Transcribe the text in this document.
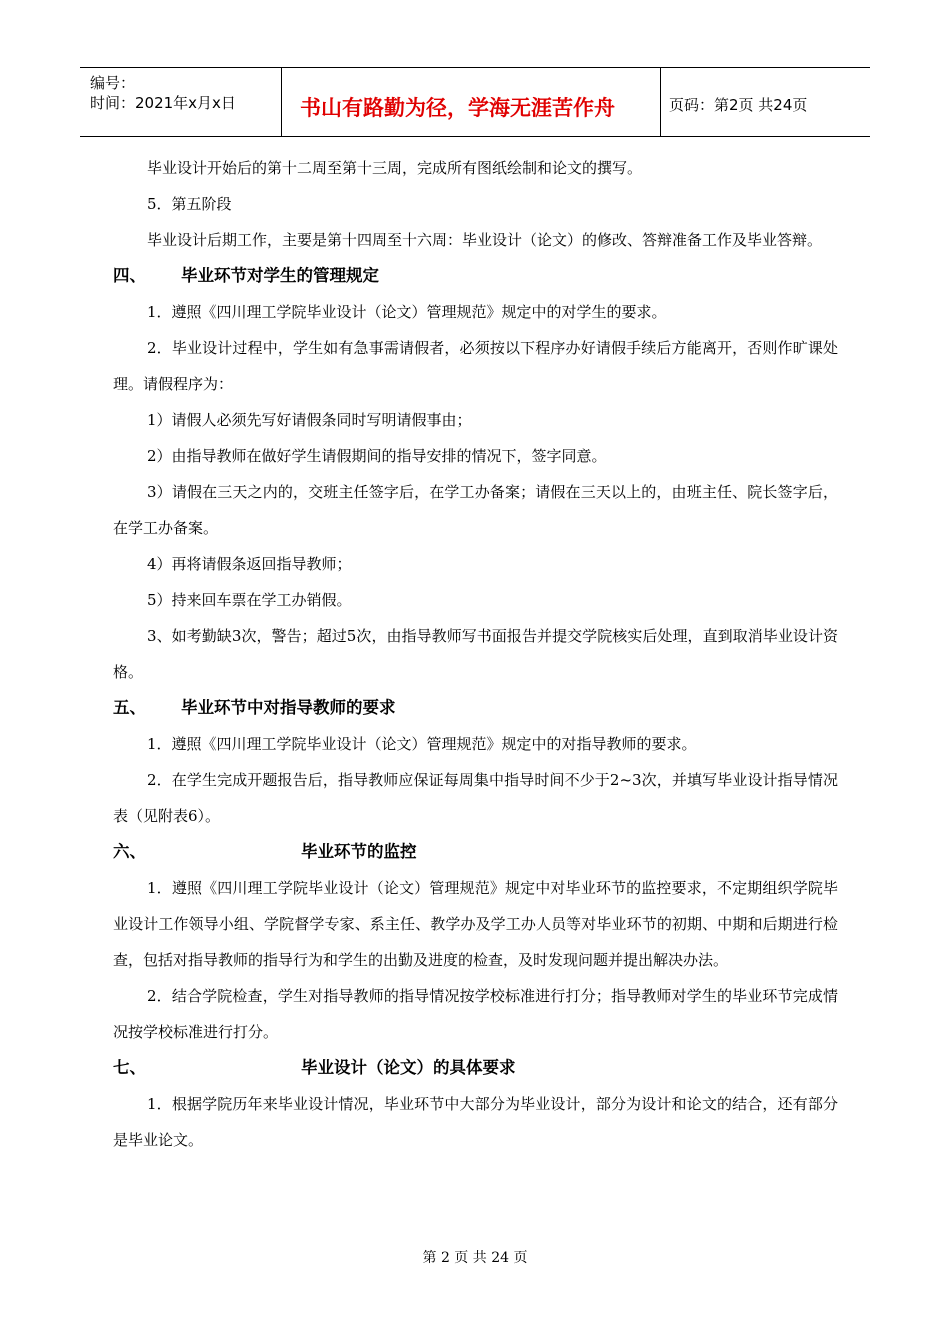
编号：
时间：2021年x月x日	书山有路勤为径，学海无涯苦作舟	页码：第2页 共24页

毕业设计开始后的第十二周至第十三周，完成所有图纸绘制和论文的撰写。

5．第五阶段

毕业设计后期工作，主要是第十四周至十六周：毕业设计（论文）的修改、答辩准备工作及毕业答辩。

四、 毕业环节对学生的管理规定

1．遵照《四川理工学院毕业设计（论文）管理规范》规定中的对学生的要求。

2．毕业设计过程中，学生如有急事需请假者，必须按以下程序办好请假手续后方能离开，否则作旷课处理。请假程序为：

1）请假人必须先写好请假条同时写明请假事由；

2）由指导教师在做好学生请假期间的指导安排的情况下，签字同意。

3）请假在三天之内的，交班主任签字后，在学工办备案；请假在三天以上的，由班主任、院长签字后，在学工办备案。

4）再将请假条返回指导教师；

5）持来回车票在学工办销假。

3、如考勤缺3次，警告；超过5次，由指导教师写书面报告并提交学院核实后处理，直到取消毕业设计资格。

五、 毕业环节中对指导教师的要求

1．遵照《四川理工学院毕业设计（论文）管理规范》规定中的对指导教师的要求。

2．在学生完成开题报告后，指导教师应保证每周集中指导时间不少于2~3次，并填写毕业设计指导情况表（见附表6）。

六、	毕业环节的监控

1．遵照《四川理工学院毕业设计（论文）管理规范》规定中对毕业环节的监控要求，不定期组织学院毕业设计工作领导小组、学院督学专家、系主任、教学办及学工办人员等对毕业环节的初期、中期和后期进行检查，包括对指导教师的指导行为和学生的出勤及进度的检查，及时发现问题并提出解决办法。

2．结合学院检查，学生对指导教师的指导情况按学校标准进行打分；指导教师对学生的毕业环节完成情况按学校标准进行打分。

七、	毕业设计（论文）的具体要求

1．根据学院历年来毕业设计情况，毕业环节中大部分为毕业设计，部分为设计和论文的结合，还有部分是毕业论文。

第 2 页 共 24 页
